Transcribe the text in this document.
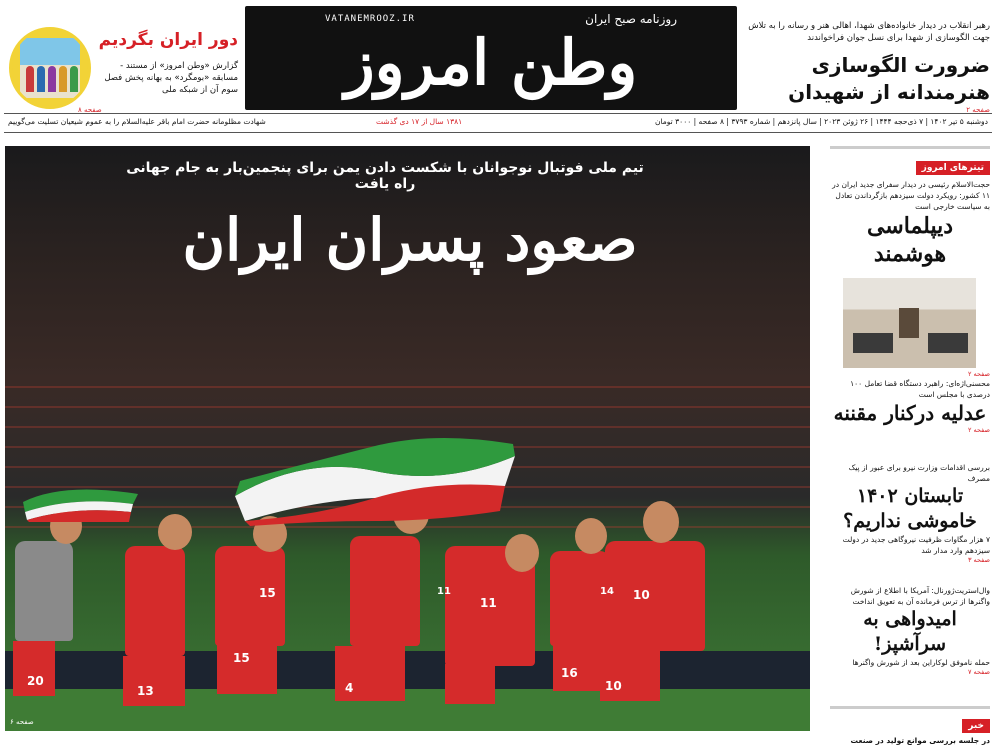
VATANEMROOZ.IR	روزنامه صبح ایران
وطن امروز
دور ایران بگردیم
گزارش «وطن امروز» از مستند - مسابقه «بومگرد» به بهانه پخش فصل سوم آن از شبکه ملی
صفحه ۸
رهبر انقلاب در دیدار خانواده‌های شهدا، اهالی هنر و رسانه را به تلاش جهت الگوسازی از شهدا برای نسل جوان فراخواندند
ضرورت الگوسازی هنرمندانه از شهیدان
صفحه ۲
دوشنبه ۵ تیر ۱۴۰۲ | ۷ ذی‌حجه ۱۴۴۴ | ۲۶ ژوئن ۲۰۲۳ | سال پانزدهم | شماره ۳۷۹۳ | ۸ صفحه | ۳۰۰۰ تومان
۱۳۸۱ سال از ۱۷ دی گذشت
شهادت مظلومانه حضرت امام باقر علیه‌السلام را به عموم شیعیان تسلیت می‌گوییم
20
13
15
15
4
11
16
10
10
14
11
تیم ملی فوتبال نوجوانان با شکست دادن یمن برای پنجمین‌بار به جام جهانی راه یافت
صعود پسران ایران
صفحه ۶
تیترهای امروز
حجت‌الاسلام رئیسی در دیدار سفرای جدید ایران در ۱۱ کشور: رویکرد دولت سیزدهم بازگرداندن تعادل به سیاست خارجی است
دیپلماسی هوشمند
صفحه ۲
محسنی‌اژه‌ای: راهبرد دستگاه قضا تعامل ۱۰۰ درصدی با مجلس است
عدلیه درکنار مقننه
صفحه ۲
بررسی اقدامات وزارت نیرو برای عبور از پیک مصرف
تابستان ۱۴۰۲ خاموشی نداریم؟
۷ هزار مگاوات ظرفیت نیروگاهی جدید در دولت سیزدهم وارد مدار شد
صفحه ۳
وال‌استریت‌ژورنال: آمریکا با اطلاع از شورش واگنرها از ترس فرمانده آن به تعویق انداخت
امیدواهی به سرآشپز!
حمله ناموفق لوکاراین بعد از شورش واگنرها
صفحه ۷
خبر
در جلسه بررسی موانع تولید در صنعت
